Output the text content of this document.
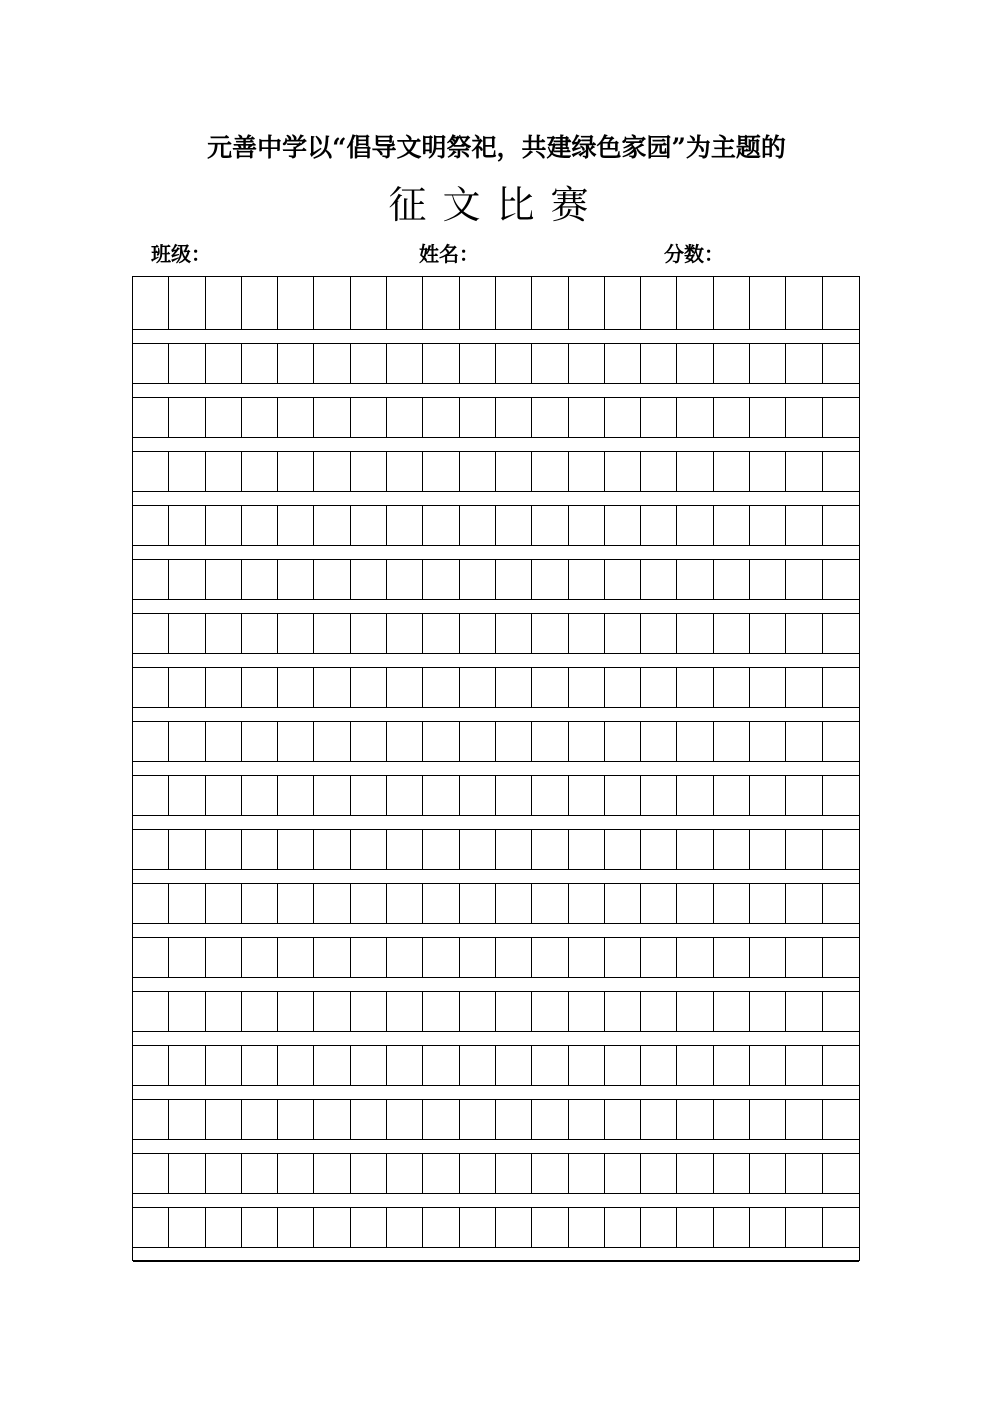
元善中学以“倡导文明祭祀，共建绿色家园”为主题的
征文比赛
班级：	姓名：	分数：
